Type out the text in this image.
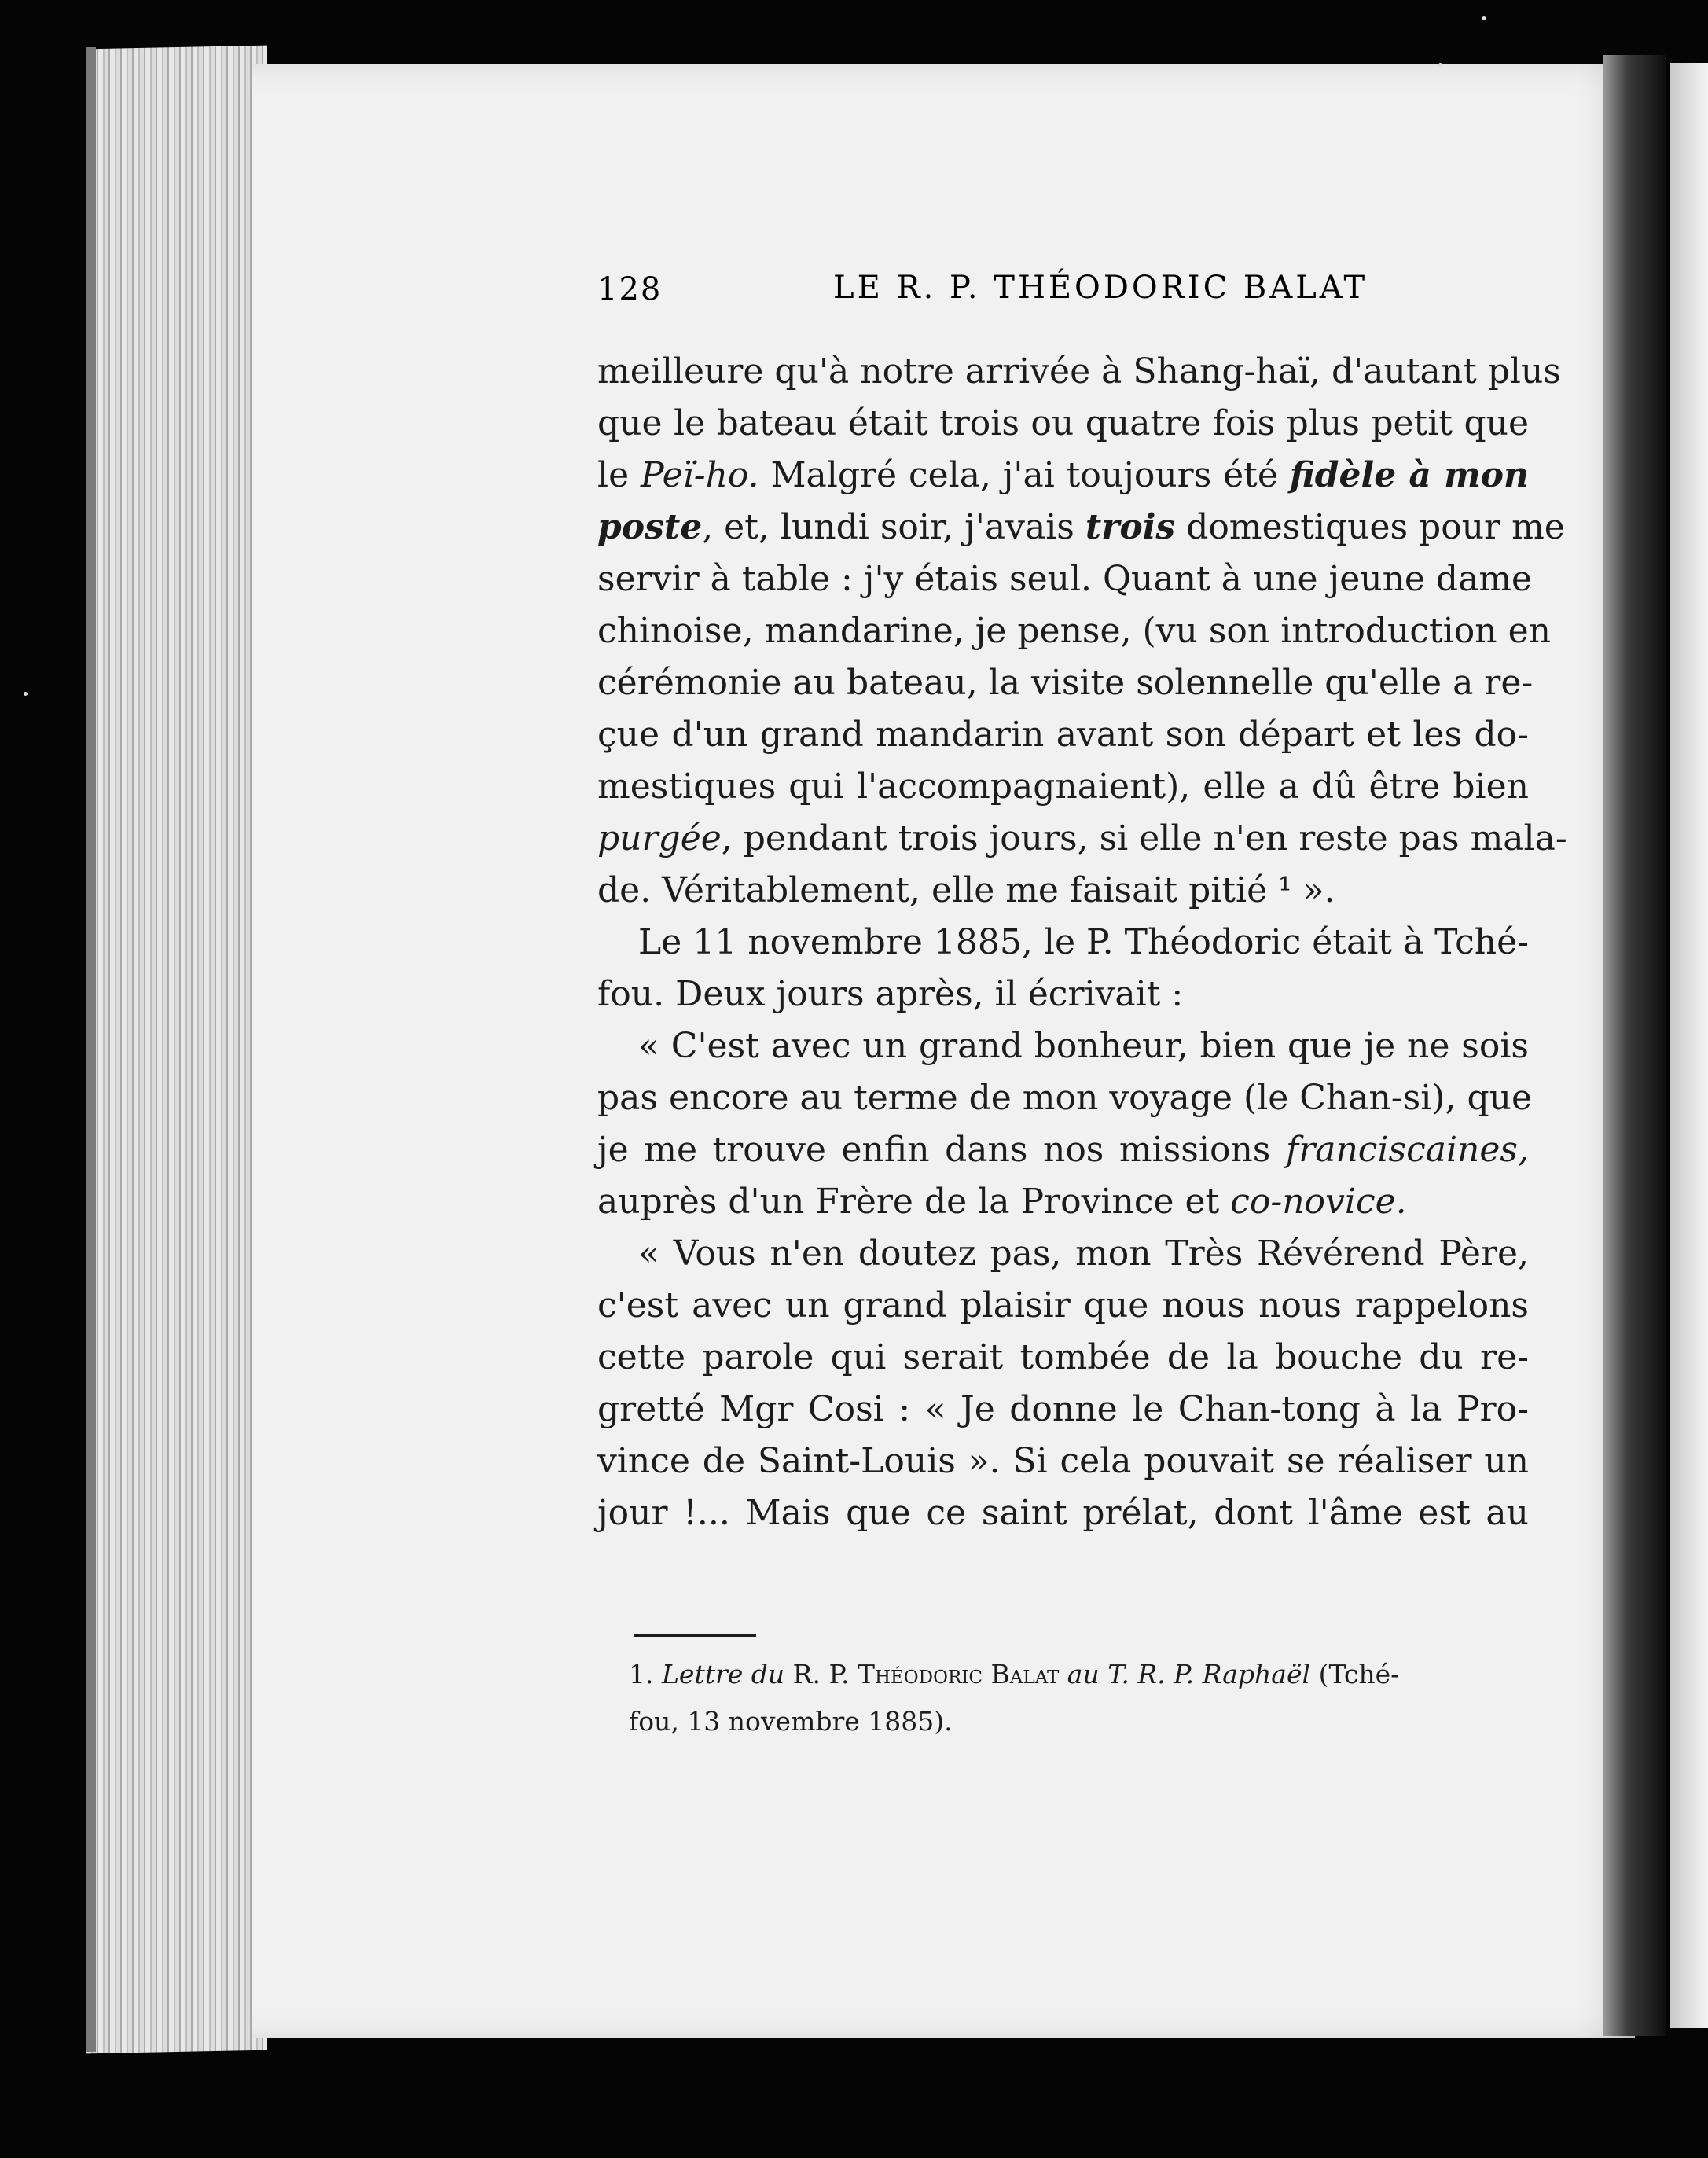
128	LE R. P. THÉODORIC BALAT
meilleure qu'à notre arrivée à Shang-haï, d'autant plus
que le bateau était trois ou quatre fois plus petit que
le Peï-ho. Malgré cela, j'ai toujours été fidèle à mon
poste, et, lundi soir, j'avais trois domestiques pour me
servir à table : j'y étais seul. Quant à une jeune dame
chinoise, mandarine, je pense, (vu son introduction en
cérémonie au bateau, la visite solennelle qu'elle a re-
çue d'un grand mandarin avant son départ et les do-
mestiques qui l'accompagnaient), elle a dû être bien
purgée, pendant trois jours, si elle n'en reste pas mala-
de. Véritablement, elle me faisait pitié ¹ ».
Le 11 novembre 1885, le P. Théodoric était à Tché-
fou. Deux jours après, il écrivait :
« C'est avec un grand bonheur, bien que je ne sois
pas encore au terme de mon voyage (le Chan-si), que
je me trouve enfin dans nos missions franciscaines,
auprès d'un Frère de la Province et co-novice.
« Vous n'en doutez pas, mon Très Révérend Père,
c'est avec un grand plaisir que nous nous rappelons
cette parole qui serait tombée de la bouche du re-
gretté Mgr Cosi : « Je donne le Chan-tong à la Pro-
vince de Saint-Louis ». Si cela pouvait se réaliser un
jour !... Mais que ce saint prélat, dont l'âme est au
1. Lettre du R. P. Théodoric Balat au T. R. P. Raphaël (Tché-
fou, 13 novembre 1885).
